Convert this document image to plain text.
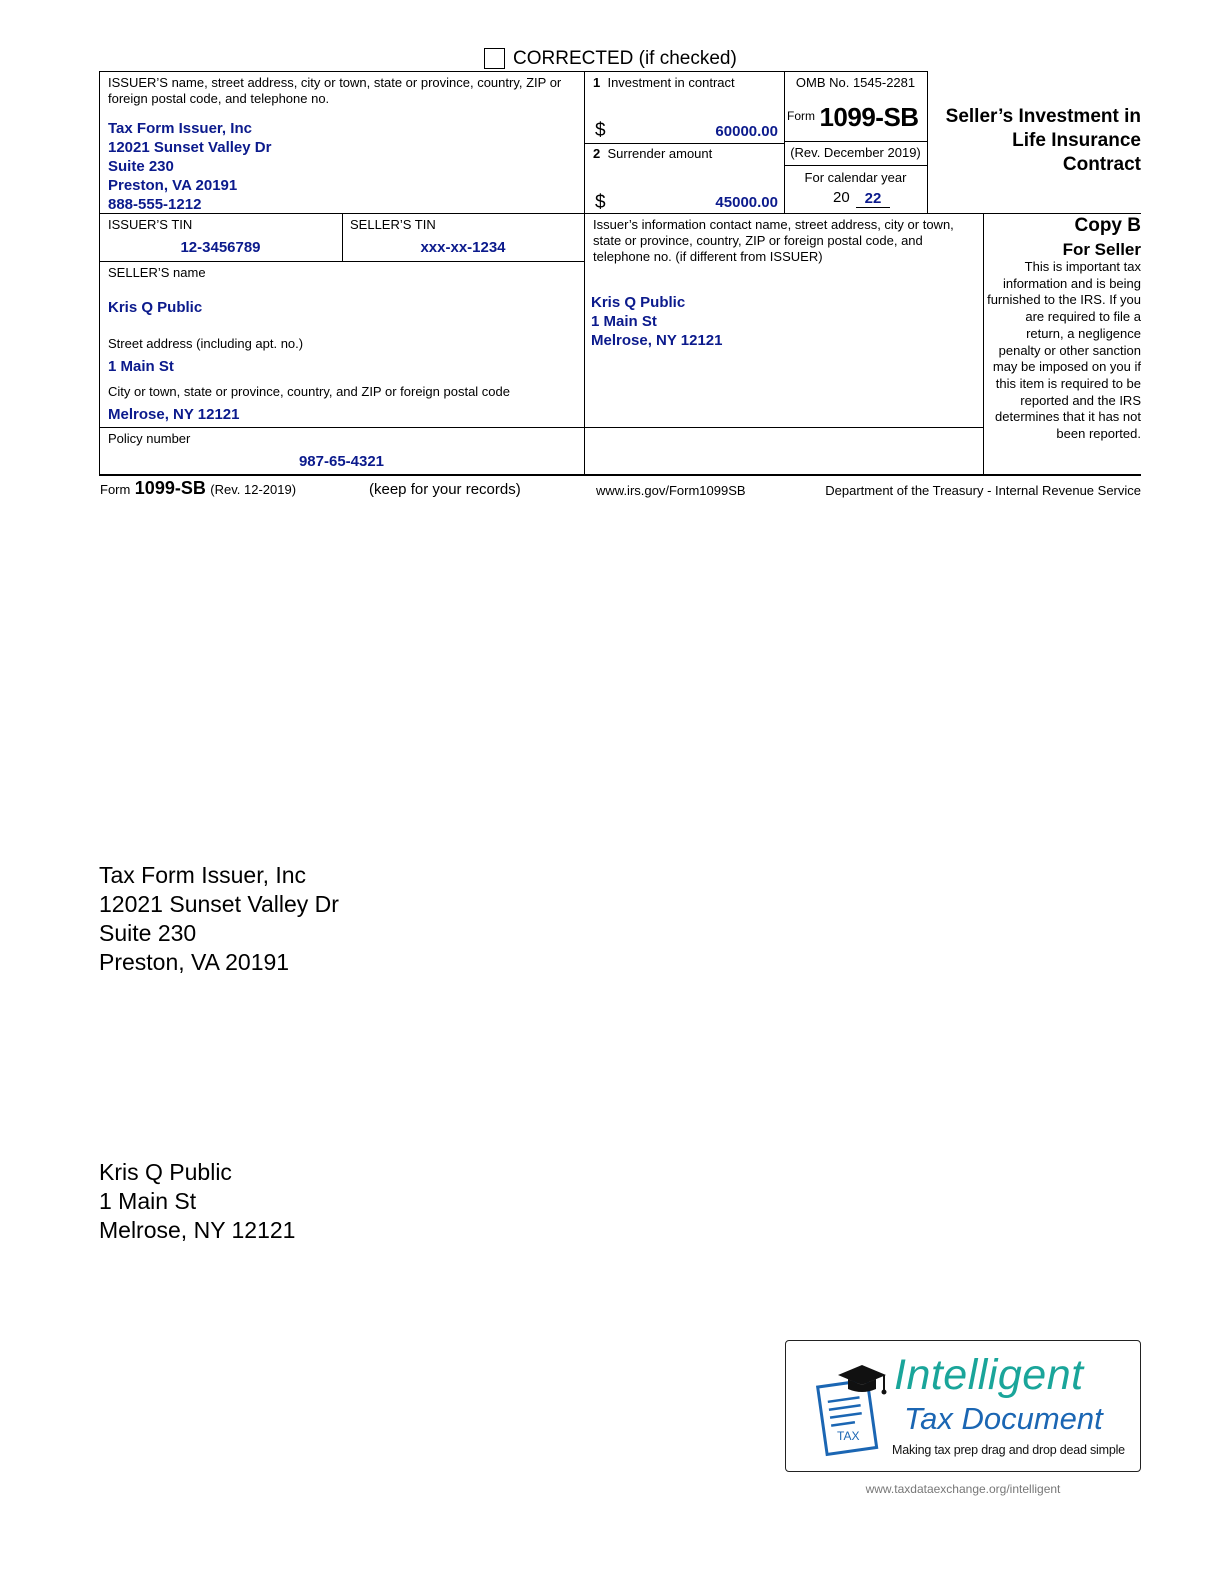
CORRECTED (if checked)
ISSUER’S name, street address, city or town, state or province, country, ZIP or foreign postal code, and telephone no.
Tax Form Issuer, Inc
12021 Sunset Valley Dr
Suite 230
Preston, VA 20191
888-555-1212
1 Investment in contract
$	60000.00
2 Surrender amount
$	45000.00
OMB No. 1545-2281
$^{Form}$ 1099-SB
(Rev. December 2019)
For calendar year
20 22
Seller’s Investment in
Life Insurance
Contract
ISSUER’S TIN
12-3456789
SELLER’S TIN
xxx-xx-1234
SELLER’S name
Kris Q Public
Street address (including apt. no.)
1 Main St
City or town, state or province, country, and ZIP or foreign postal code
Melrose, NY 12121
Policy number
987-65-4321
Issuer’s information contact name, street address, city or town, state or province, country, ZIP or foreign postal code, and telephone no. (if different from ISSUER)
Kris Q Public
1 Main St
Melrose, NY 12121
Copy B
For Seller
This is important tax information and is being furnished to the IRS. If you are required to file a return, a negligence penalty or other sanction may be imposed on you if this item is required to be reported and the IRS determines that it has not been reported.
Form 1099-SB (Rev. 12-2019)	(keep for your records)	www.irs.gov/Form1099SB	Department of the Treasury - Internal Revenue Service
Tax Form Issuer, Inc
12021 Sunset Valley Dr
Suite 230
Preston, VA 20191
Kris Q Public
1 Main St
Melrose, NY 12121
TAX
Intelligent
Tax Document
Making tax prep drag and drop dead simple
www.taxdataexchange.org/intelligent
